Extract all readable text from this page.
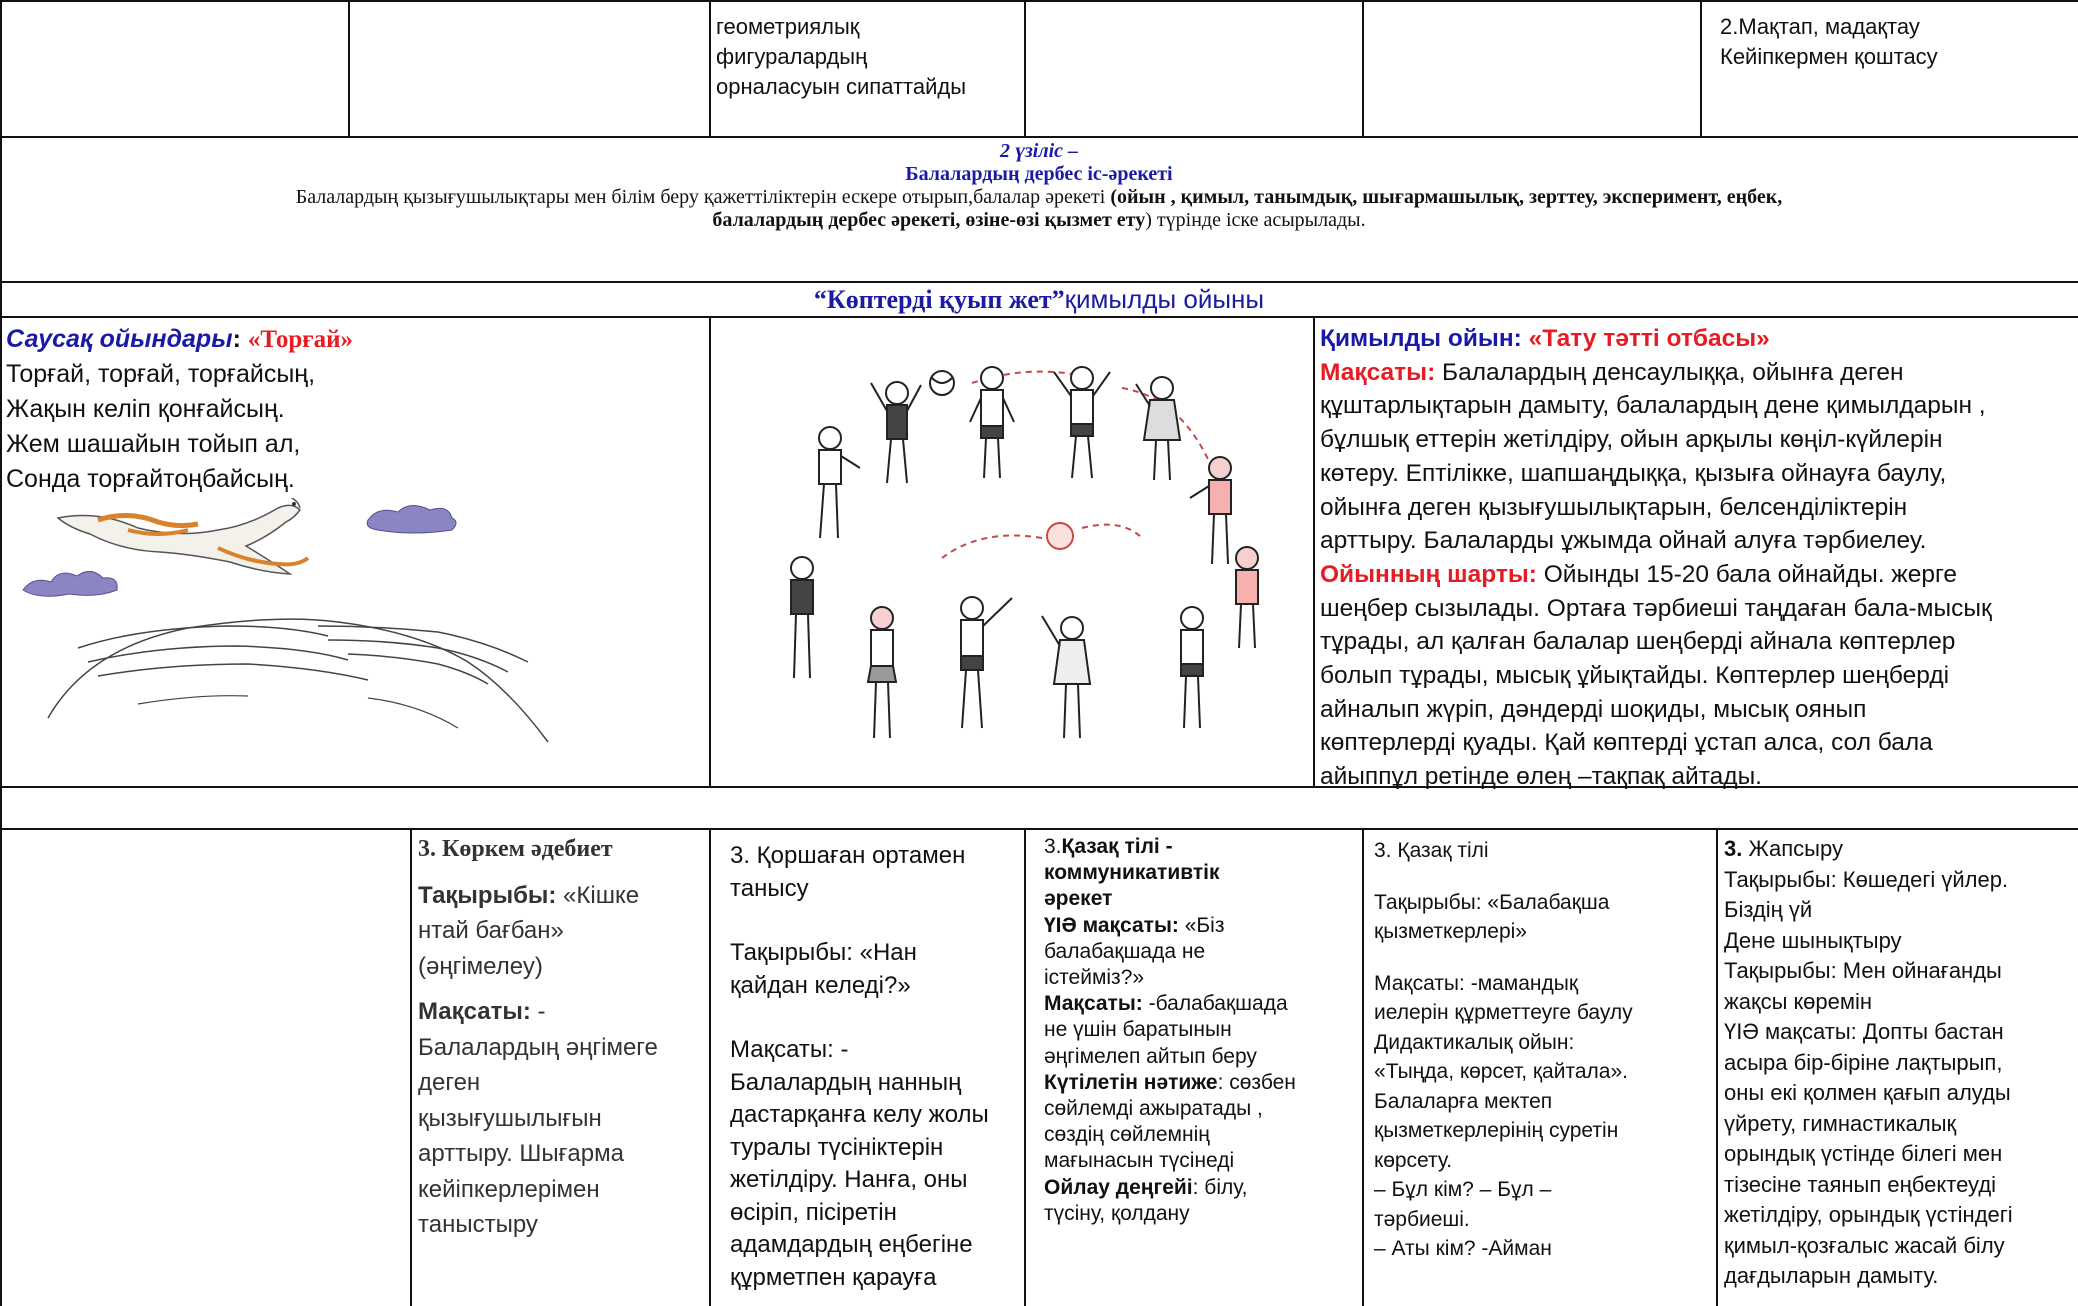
геометриялық
фигуралардың
орналасуын сипаттайды
2.Мақтап, мадақтау
Кейіпкермен қоштасу
2 үзіліс –
Балалардың дербес іс-әрекеті
Балалардың қызығушылықтары мен білім беру қажеттіліктерін ескере отырып,балалар әрекеті (ойын , қимыл, танымдық, шығармашылық, зерттеу, эксперимент, еңбек,
балалардың дербес әрекеті, өзіне-өзі қызмет ету) түрінде іске асырылады.
“Көптерді қуып жет”қимылды ойыны
Саусақ ойындары: «Торғай»
Торғай, торғай, торғайсың,
Жақын келіп қонғайсың.
Жем шашайын тойып ал,
Сонда торғайтоңбайсың.
Қимылды ойын: «Тату тәтті отбасы»
Мақсаты: Балалардың денсаулыққа, ойынға деген
құштарлықтарын дамыту, балалардың дене қимылдарын ,
бұлшық еттерін жетілдіру, ойын арқылы көңіл-күйлерін
көтеру. Ептілікке, шапшаңдыққа, қызыға ойнауға баулу,
ойынға деген қызығушылықтарын, белсенділіктерін
арттыру. Балаларды ұжымда ойнай алуға тәрбиелеу.
Ойынның шарты: Ойынды 15-20 бала ойнайды. жерге
шеңбер сызылады. Ортаға тәрбиеші таңдаған бала-мысық
тұрады, ал қалған балалар шеңберді айнала көптерлер
болып тұрады, мысық ұйықтайды. Көптерлер шеңберді
айналып жүріп, дәндерді шоқиды, мысық оянып
көптерлерді қуады. Қай көптерді ұстап алса, сол бала
айыппұл ретінде өлең –тақпақ айтады.
3. Көркем әдебиет
Тақырыбы: «Кішке
нтай бағбан»
(әңгімелеу)
Мақсаты: -
Балалардың әңгімеге
деген
қызығушылығын
арттыру. Шығарма
кейіпкерлерімен
таныстыру
3. Қоршаған ортамен
танысу
Тақырыбы: «Нан
қайдан келеді?»
Мақсаты: -
Балалардың нанның
дастарқанға келу жолы
туралы түсініктерін
жетілдіру. Нанға, оны
өсіріп, пісіретін
адамдардың еңбегіне
құрметпен қарауға
3.Қазақ тілі -
коммуникативтік
әрекет
ҮІӘ мақсаты: «Біз
балабақшада не
істейміз?»
Мақсаты: -балабақшада
не үшін баратынын
әңгімелеп айтып беру
Күтілетін нәтиже: сөзбен
сөйлемді ажыратады ,
сөздің сөйлемнің
мағынасын түсінеді
Ойлау деңгейі: білу,
түсіну, қолдану
3. Қазақ тілі
Тақырыбы: «Балабақша
қызметкерлері»
Мақсаты: -мамандық
иелерін құрметтеуге баулу
Дидактикалық ойын:
«Тыңда, көрсет, қайтала».
Балаларға мектеп
қызметкерлерінің суретін
көрсету.
– Бұл кім? – Бұл –
тәрбиеші.
– Аты кім? -Айман
3. Жапсыру
Тақырыбы: Көшедегі үйлер.
Біздің үй
Дене шынықтыру
Тақырыбы: Мен ойнағанды
жақсы көремін
ҮІӘ мақсаты: Допты бастан
асыра бір-біріне лақтырып,
оны екі қолмен қағып алуды
үйрету, гимнастикалық
орындық үстінде білегі мен
тізесіне таянып еңбектеуді
жетілдіру, орындық үстіндегі
қимыл-қозғалыс жасай білу
дағдыларын дамыту.
